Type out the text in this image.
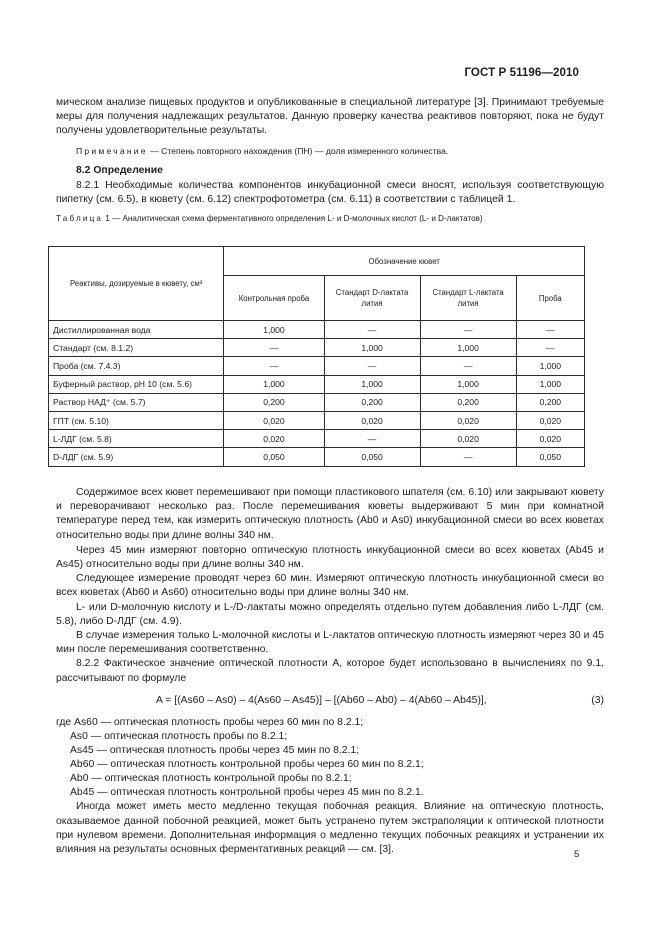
ГОСТ Р 51196—2010

мическом анализе пищевых продуктов и опубликованные в специальной литературе [3]. Принимают требуемые меры для получения надлежащих результатов. Данную проверку качества реактивов повторяют, пока не будут получены удовлетворительные результаты.

Примечание — Степень повторного нахождения (ПН) — доля измеренного количества.

8.2 Определение

8.2.1 Необходимые количества компонентов инкубационной смеси вносят, используя соответствующую пипетку (см. 6.5), в кювету (см. 6.12) спектрофотометра (см. 6.11) в соответствии с таблицей 1.

Таблица 1 — Аналитическая схема ферментативного определения L- и D-молочных кислот (L- и D-лактатов)

Реактивы, дозируемые в кювету, см³	Обозначение кювет			
	Контрольная проба	Стандарт D-лактата лития	Стандарт L-лактата лития	Проба
Дистиллированная вода	1,000	—	—	—
Стандарт (см. 8.1.2)	—	1,000	1,000	—
Проба (см. 7.4.3)	—	—	—	1,000
Буферный раствор, pH 10 (см. 5.6)	1,000	1,000	1,000	1,000
Раствор НАД⁺ (см. 5.7)	0,200	0,200	0,200	0,200
ГПТ (см. 5.10)	0,020	0,020	0,020	0,020
L-ЛДГ (см. 5.8)	0,020	—	0,020	0,020
D-ЛДГ (см. 5.9)	0,050	0,050	—	0,050

Содержимое всех кювет перемешивают при помощи пластикового шпателя (см. 6.10) или закрывают кювету и переворачивают несколько раз. После перемешивания кюветы выдерживают 5 мин при комнатной температуре перед тем, как измерить оптическую плотность (Ab0 и As0) инкубационной смеси во всех кюветах относительно воды при длине волны 340 нм.

Через 45 мин измеряют повторно оптическую плотность инкубационной смеси во всех кюветах (Ab45 и As45) относительно воды при длине волны 340 нм.

Следующее измерение проводят через 60 мин. Измеряют оптическую плотность инкубационной смеси во всех кюветах (Ab60 и As60) относительно воды при длине волны 340 нм.

L- или D-молочную кислоту и L-/D-лактаты можно определять отдельно путем добавления либо L-ЛДГ (см. 5.8), либо D-ЛДГ (см. 4.9).

В случае измерения только L-молочной кислоты и L-лактатов оптическую плотность измеряют через 30 и 45 мин после перемешивания соответственно.

8.2.2 Фактическое значение оптической плотности А, которое будет использовано в вычислениях по 9.1, рассчитывают по формуле

A = [(As60 – As0) – 4(As60 – As45)] – [(Ab60 – Ab0) – 4(Ab60 – Ab45)],	(3)

где As60 — оптическая плотность пробы через 60 мин по 8.2.1;

As0 — оптическая плотность пробы по 8.2.1;

As45 — оптическая плотность пробы через 45 мин по 8.2.1;

Ab60 — оптическая плотность контрольной пробы через 60 мин по 8.2.1;

Ab0 — оптическая плотность контрольной пробы по 8.2.1;

Ab45 — оптическая плотность контрольной пробы через 45 мин по 8.2.1.

Иногда может иметь место медленно текущая побочная реакция. Влияние на оптическую плотность, оказываемое данной побочной реакцией, может быть устранено путем экстраполяции к оптической плотности при нулевом времени. Дополнительная информация о медленно текущих побочных реакциях и устранении их влияния на результаты основных ферментативных реакций — см. [3].	5
